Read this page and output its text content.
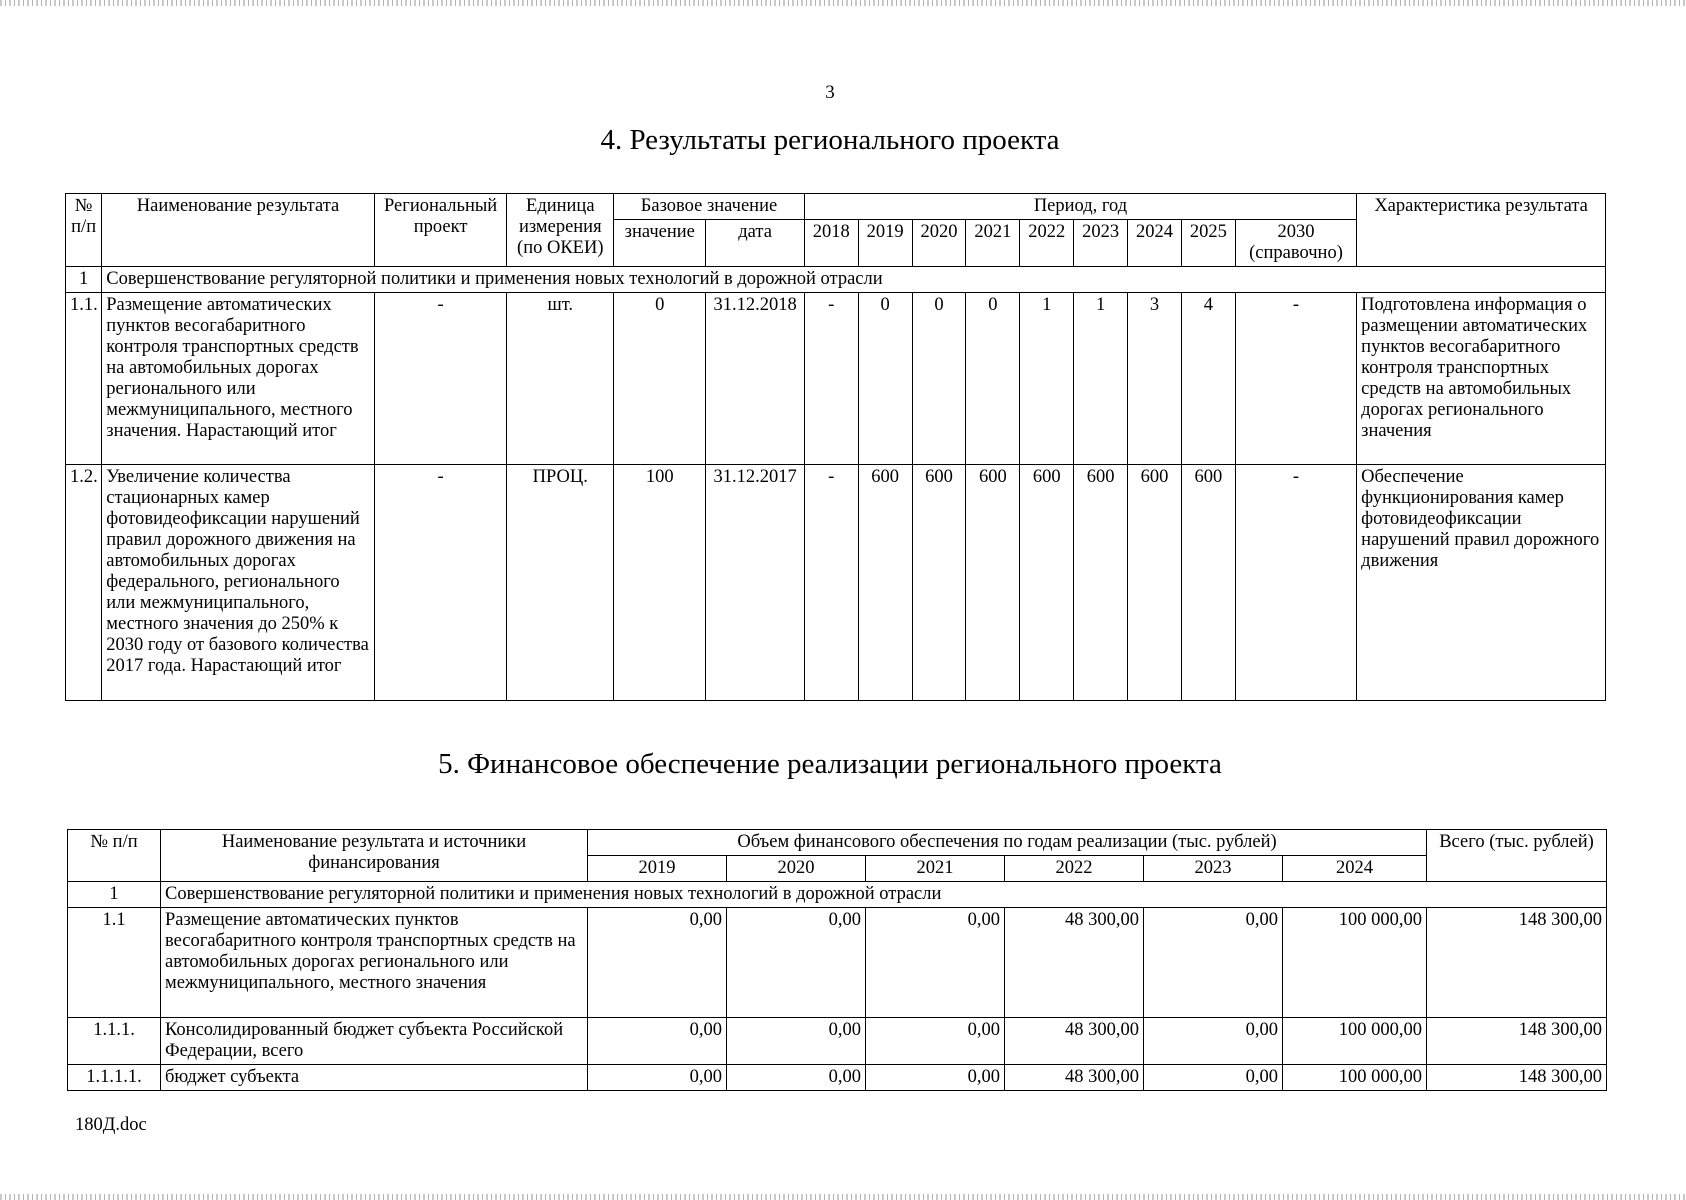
3
4. Результаты регионального проекта
№ п/п	Наименование результата	Региональный проект	Единица измерения (по ОКЕИ)	Базовое значение		Период, год									Характеристика результата
				значение	дата	2018	2019	2020	2021	2022	2023	2024	2025	2030 (справочно)	
1	Совершенствование регуляторной политики и применения новых технологий в дорожной отрасли														
1.1.	Размещение автоматических пунктов весогабаритного контроля транспортных средств на автомобильных дорогах регионального или межмуниципального, местного значения. Нарастающий итог	-	шт.	0	31.12.2018	-	0	0	0	1	1	3	4	-	Подготовлена информация о размещении автоматических пунктов весогабаритного контроля транспортных средств на автомобильных дорогах регионального значения
1.2.	Увеличение количества стационарных камер фотовидеофиксации нарушений правил дорожного движения на автомобильных дорогах федерального, регионального или межмуниципального, местного значения до 250% к 2030 году от базового количества 2017 года. Нарастающий итог	-	ПРОЦ.	100	31.12.2017	-	600	600	600	600	600	600	600	-	Обеспечение функционирования камер фотовидеофиксации нарушений правил дорожного движения
5. Финансовое обеспечение реализации регионального проекта
№ п/п	Наименование результата и источники финансирования	Объем финансового обеспечения по годам реализации (тыс. рублей)						Всего (тыс. рублей)
		2019	2020	2021	2022	2023	2024	
1	Совершенствование регуляторной политики и применения новых технологий в дорожной отрасли							
1.1	Размещение автоматических пунктов весогабаритного контроля транспортных средств на автомобильных дорогах регионального или межмуниципального, местного значения	0,00	0,00	0,00	48 300,00	0,00	100 000,00	148 300,00
1.1.1.	Консолидированный бюджет субъекта Российской Федерации, всего	0,00	0,00	0,00	48 300,00	0,00	100 000,00	148 300,00
1.1.1.1.	бюджет субъекта	0,00	0,00	0,00	48 300,00	0,00	100 000,00	148 300,00
180Д.doc
